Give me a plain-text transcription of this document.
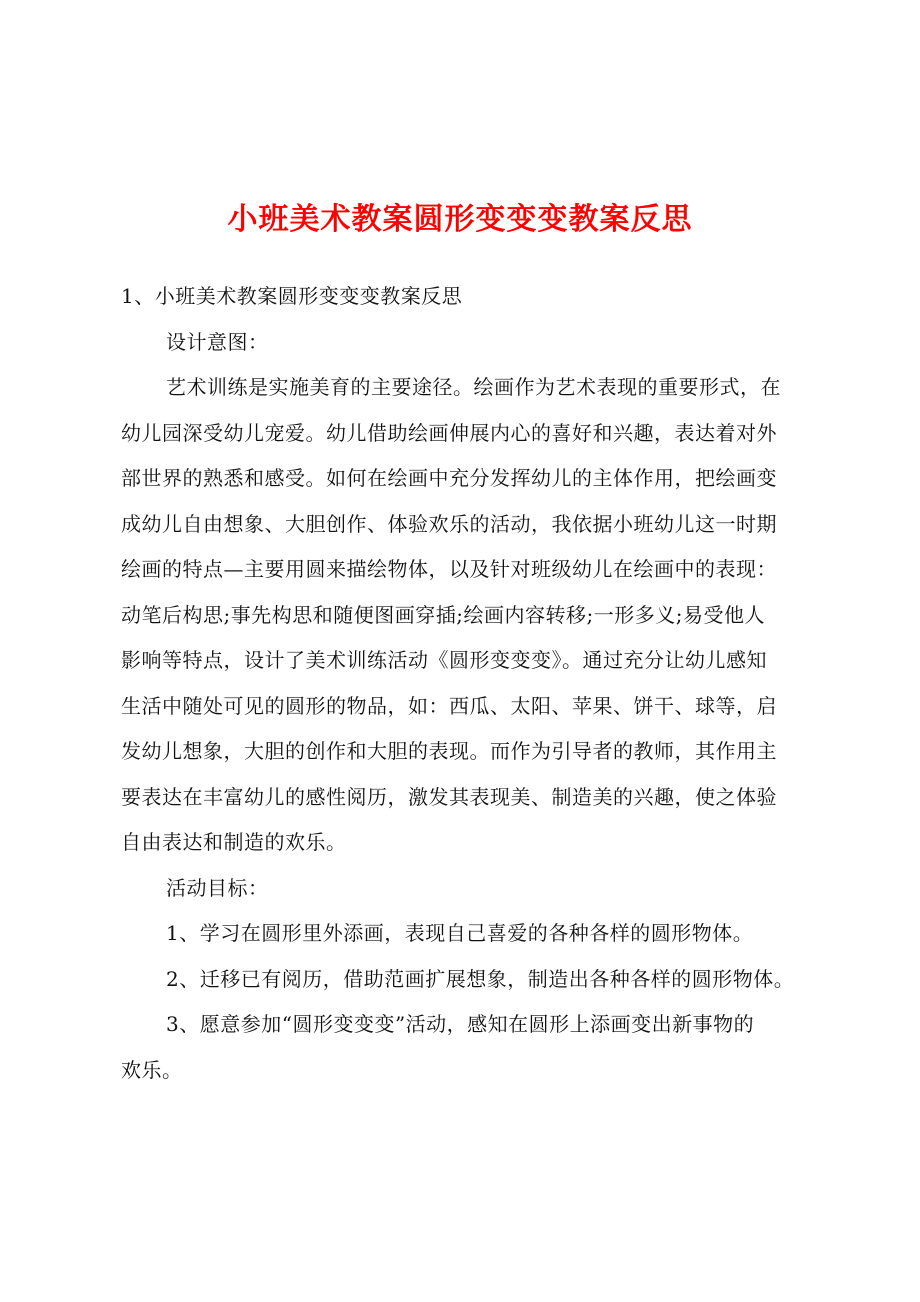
小班美术教案圆形变变变教案反思
1、小班美术教案圆形变变变教案反思
设计意图：
艺术训练是实施美育的主要途径。绘画作为艺术表现的重要形式，在
幼儿园深受幼儿宠爱。幼儿借助绘画伸展内心的喜好和兴趣，表达着对外
部世界的熟悉和感受。如何在绘画中充分发挥幼儿的主体作用，把绘画变
成幼儿自由想象、大胆创作、体验欢乐的活动，我依据小班幼儿这一时期
绘画的特点—主要用圆来描绘物体，以及针对班级幼儿在绘画中的表现：
动笔后构思;事先构思和随便图画穿插;绘画内容转移;一形多义;易受他人
影响等特点，设计了美术训练活动《圆形变变变》。通过充分让幼儿感知
生活中随处可见的圆形的物品，如：西瓜、太阳、苹果、饼干、球等，启
发幼儿想象，大胆的创作和大胆的表现。而作为引导者的教师，其作用主
要表达在丰富幼儿的感性阅历，激发其表现美、制造美的兴趣，使之体验
自由表达和制造的欢乐。
活动目标：
1、学习在圆形里外添画，表现自己喜爱的各种各样的圆形物体。
2、迁移已有阅历，借助范画扩展想象，制造出各种各样的圆形物体。
3、愿意参加“圆形变变变”活动，感知在圆形上添画变出新事物的
欢乐。
